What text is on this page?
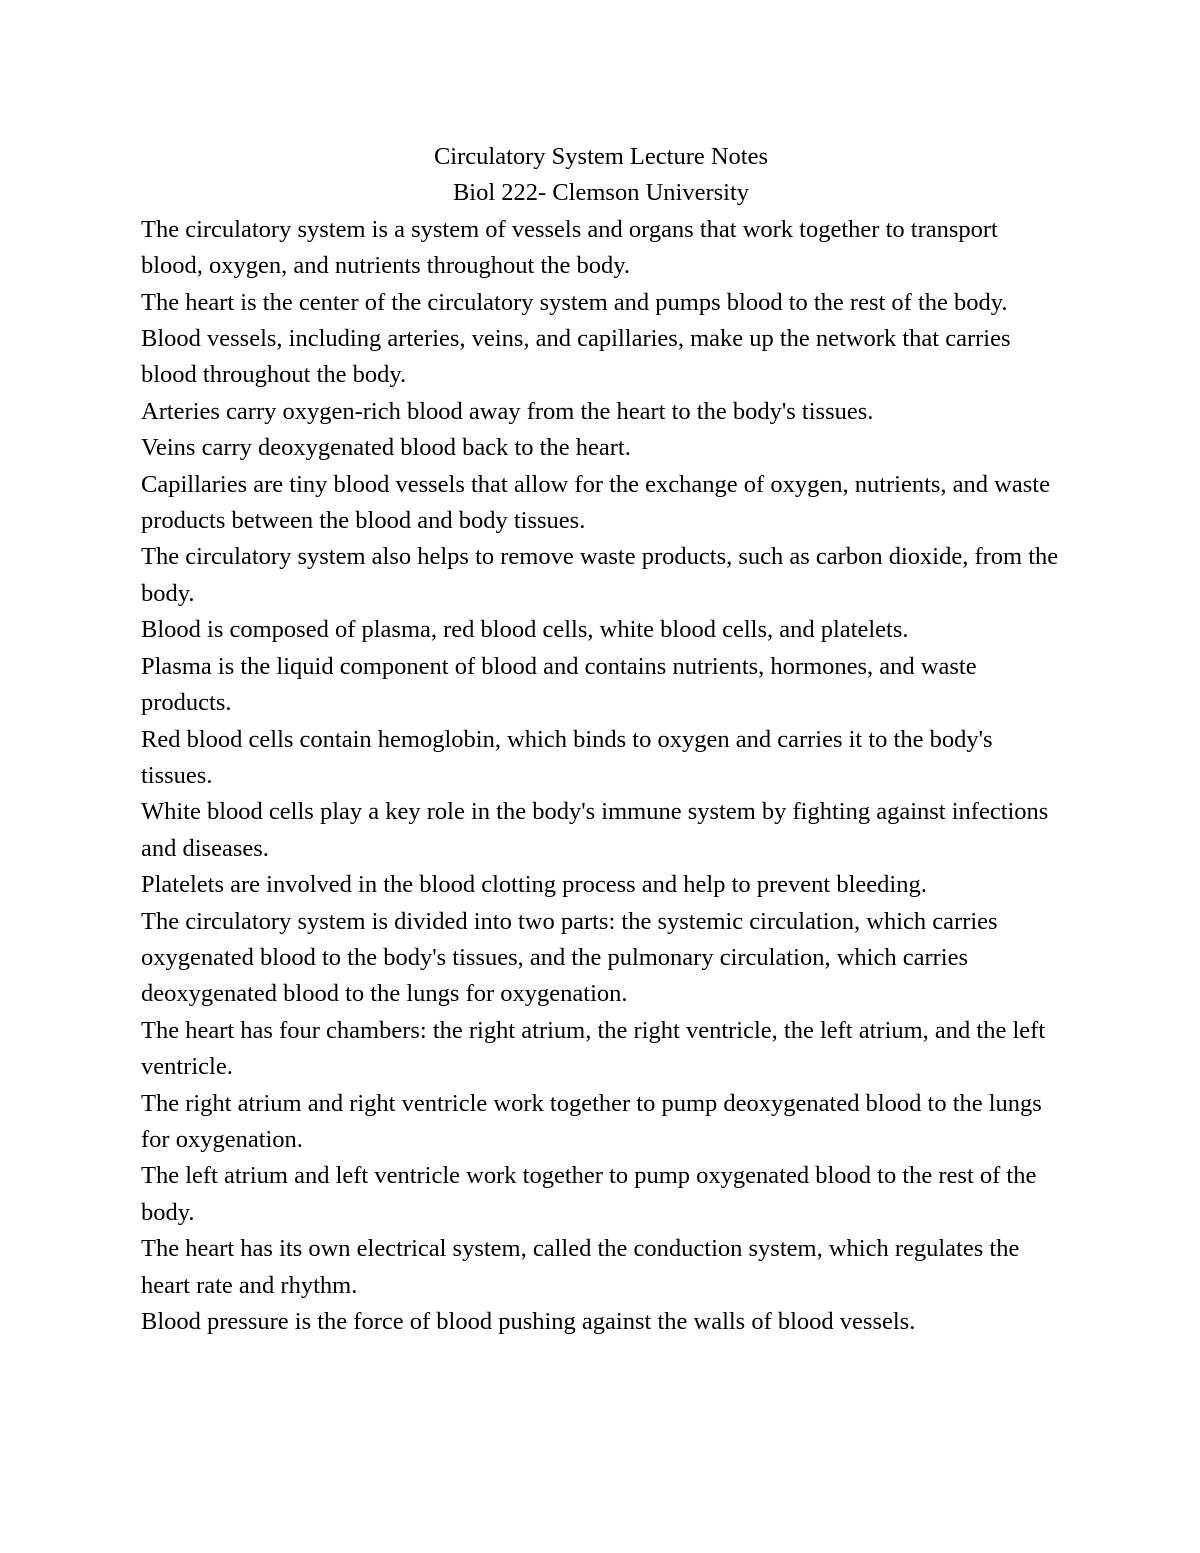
Circulatory System Lecture Notes
Biol 222- Clemson University

The circulatory system is a system of vessels and organs that work together to transport blood, oxygen, and nutrients throughout the body.

The heart is the center of the circulatory system and pumps blood to the rest of the body.

Blood vessels, including arteries, veins, and capillaries, make up the network that carries blood throughout the body.

Arteries carry oxygen-rich blood away from the heart to the body's tissues.

Veins carry deoxygenated blood back to the heart.

Capillaries are tiny blood vessels that allow for the exchange of oxygen, nutrients, and waste products between the blood and body tissues.

The circulatory system also helps to remove waste products, such as carbon dioxide, from the body.

Blood is composed of plasma, red blood cells, white blood cells, and platelets.

Plasma is the liquid component of blood and contains nutrients, hormones, and waste products.

Red blood cells contain hemoglobin, which binds to oxygen and carries it to the body's tissues.

White blood cells play a key role in the body's immune system by fighting against infections and diseases.

Platelets are involved in the blood clotting process and help to prevent bleeding.

The circulatory system is divided into two parts: the systemic circulation, which carries oxygenated blood to the body's tissues, and the pulmonary circulation, which carries deoxygenated blood to the lungs for oxygenation.

The heart has four chambers: the right atrium, the right ventricle, the left atrium, and the left ventricle.

The right atrium and right ventricle work together to pump deoxygenated blood to the lungs for oxygenation.

The left atrium and left ventricle work together to pump oxygenated blood to the rest of the body.

The heart has its own electrical system, called the conduction system, which regulates the heart rate and rhythm.

Blood pressure is the force of blood pushing against the walls of blood vessels.
